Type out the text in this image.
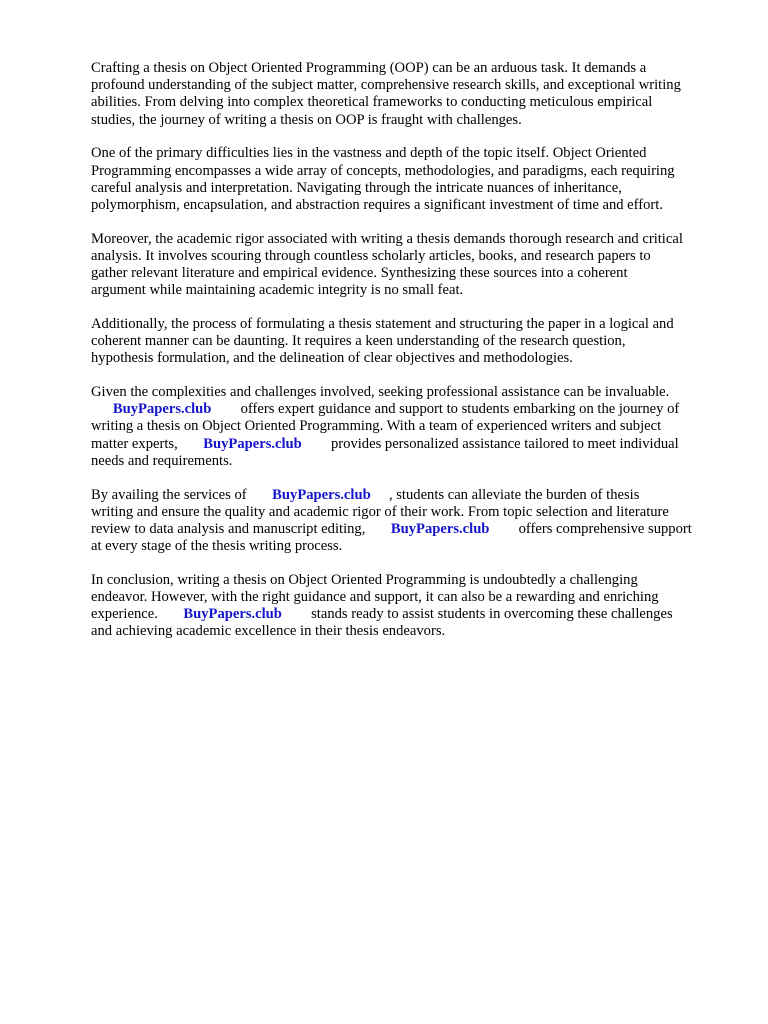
Crafting a thesis on Object Oriented Programming (OOP) can be an arduous task. It demands a
profound understanding of the subject matter, comprehensive research skills, and exceptional writing
abilities. From delving into complex theoretical frameworks to conducting meticulous empirical
studies, the journey of writing a thesis on OOP is fraught with challenges.
One of the primary difficulties lies in the vastness and depth of the topic itself. Object Oriented
Programming encompasses a wide array of concepts, methodologies, and paradigms, each requiring
careful analysis and interpretation. Navigating through the intricate nuances of inheritance,
polymorphism, encapsulation, and abstraction requires a significant investment of time and effort.
Moreover, the academic rigor associated with writing a thesis demands thorough research and critical
analysis. It involves scouring through countless scholarly articles, books, and research papers to
gather relevant literature and empirical evidence. Synthesizing these sources into a coherent
argument while maintaining academic integrity is no small feat.
Additionally, the process of formulating a thesis statement and structuring the paper in a logical and
coherent manner can be daunting. It requires a keen understanding of the research question,
hypothesis formulation, and the delineation of clear objectives and methodologies.
Given the complexities and challenges involved, seeking professional assistance can be invaluable.
BuyPapers.club        offers expert guidance and support to students embarking on the journey of
writing a thesis on Object Oriented Programming. With a team of experienced writers and subject
matter experts,       BuyPapers.club        provides personalized assistance tailored to meet individual
needs and requirements.
By availing the services of       BuyPapers.club     , students can alleviate the burden of thesis
writing and ensure the quality and academic rigor of their work. From topic selection and literature
review to data analysis and manuscript editing,       BuyPapers.club        offers comprehensive support
at every stage of the thesis writing process.
In conclusion, writing a thesis on Object Oriented Programming is undoubtedly a challenging
endeavor. However, with the right guidance and support, it can also be a rewarding and enriching
experience.       BuyPapers.club        stands ready to assist students in overcoming these challenges
and achieving academic excellence in their thesis endeavors.
